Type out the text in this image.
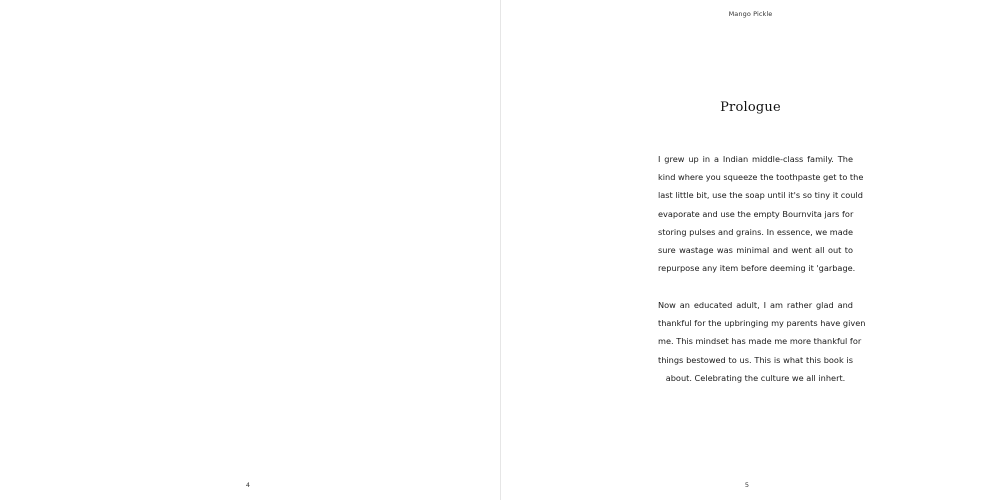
4
Mango Pickle
Prologue
I grew up in a Indian middle-class family. The
kind where you squeeze the toothpaste get to the
last little bit, use the soap until it's so tiny it could
evaporate and use the empty Bournvita jars for
storing pulses and grains. In essence, we made
sure wastage was minimal and went all out to
repurpose any item before deeming it 'garbage.
Now an educated adult, I am rather glad and
thankful for the upbringing my parents have given
me. This mindset has made me more thankful for
things bestowed to us. This is what this book is
about. Celebrating the culture we all inhert.
5
